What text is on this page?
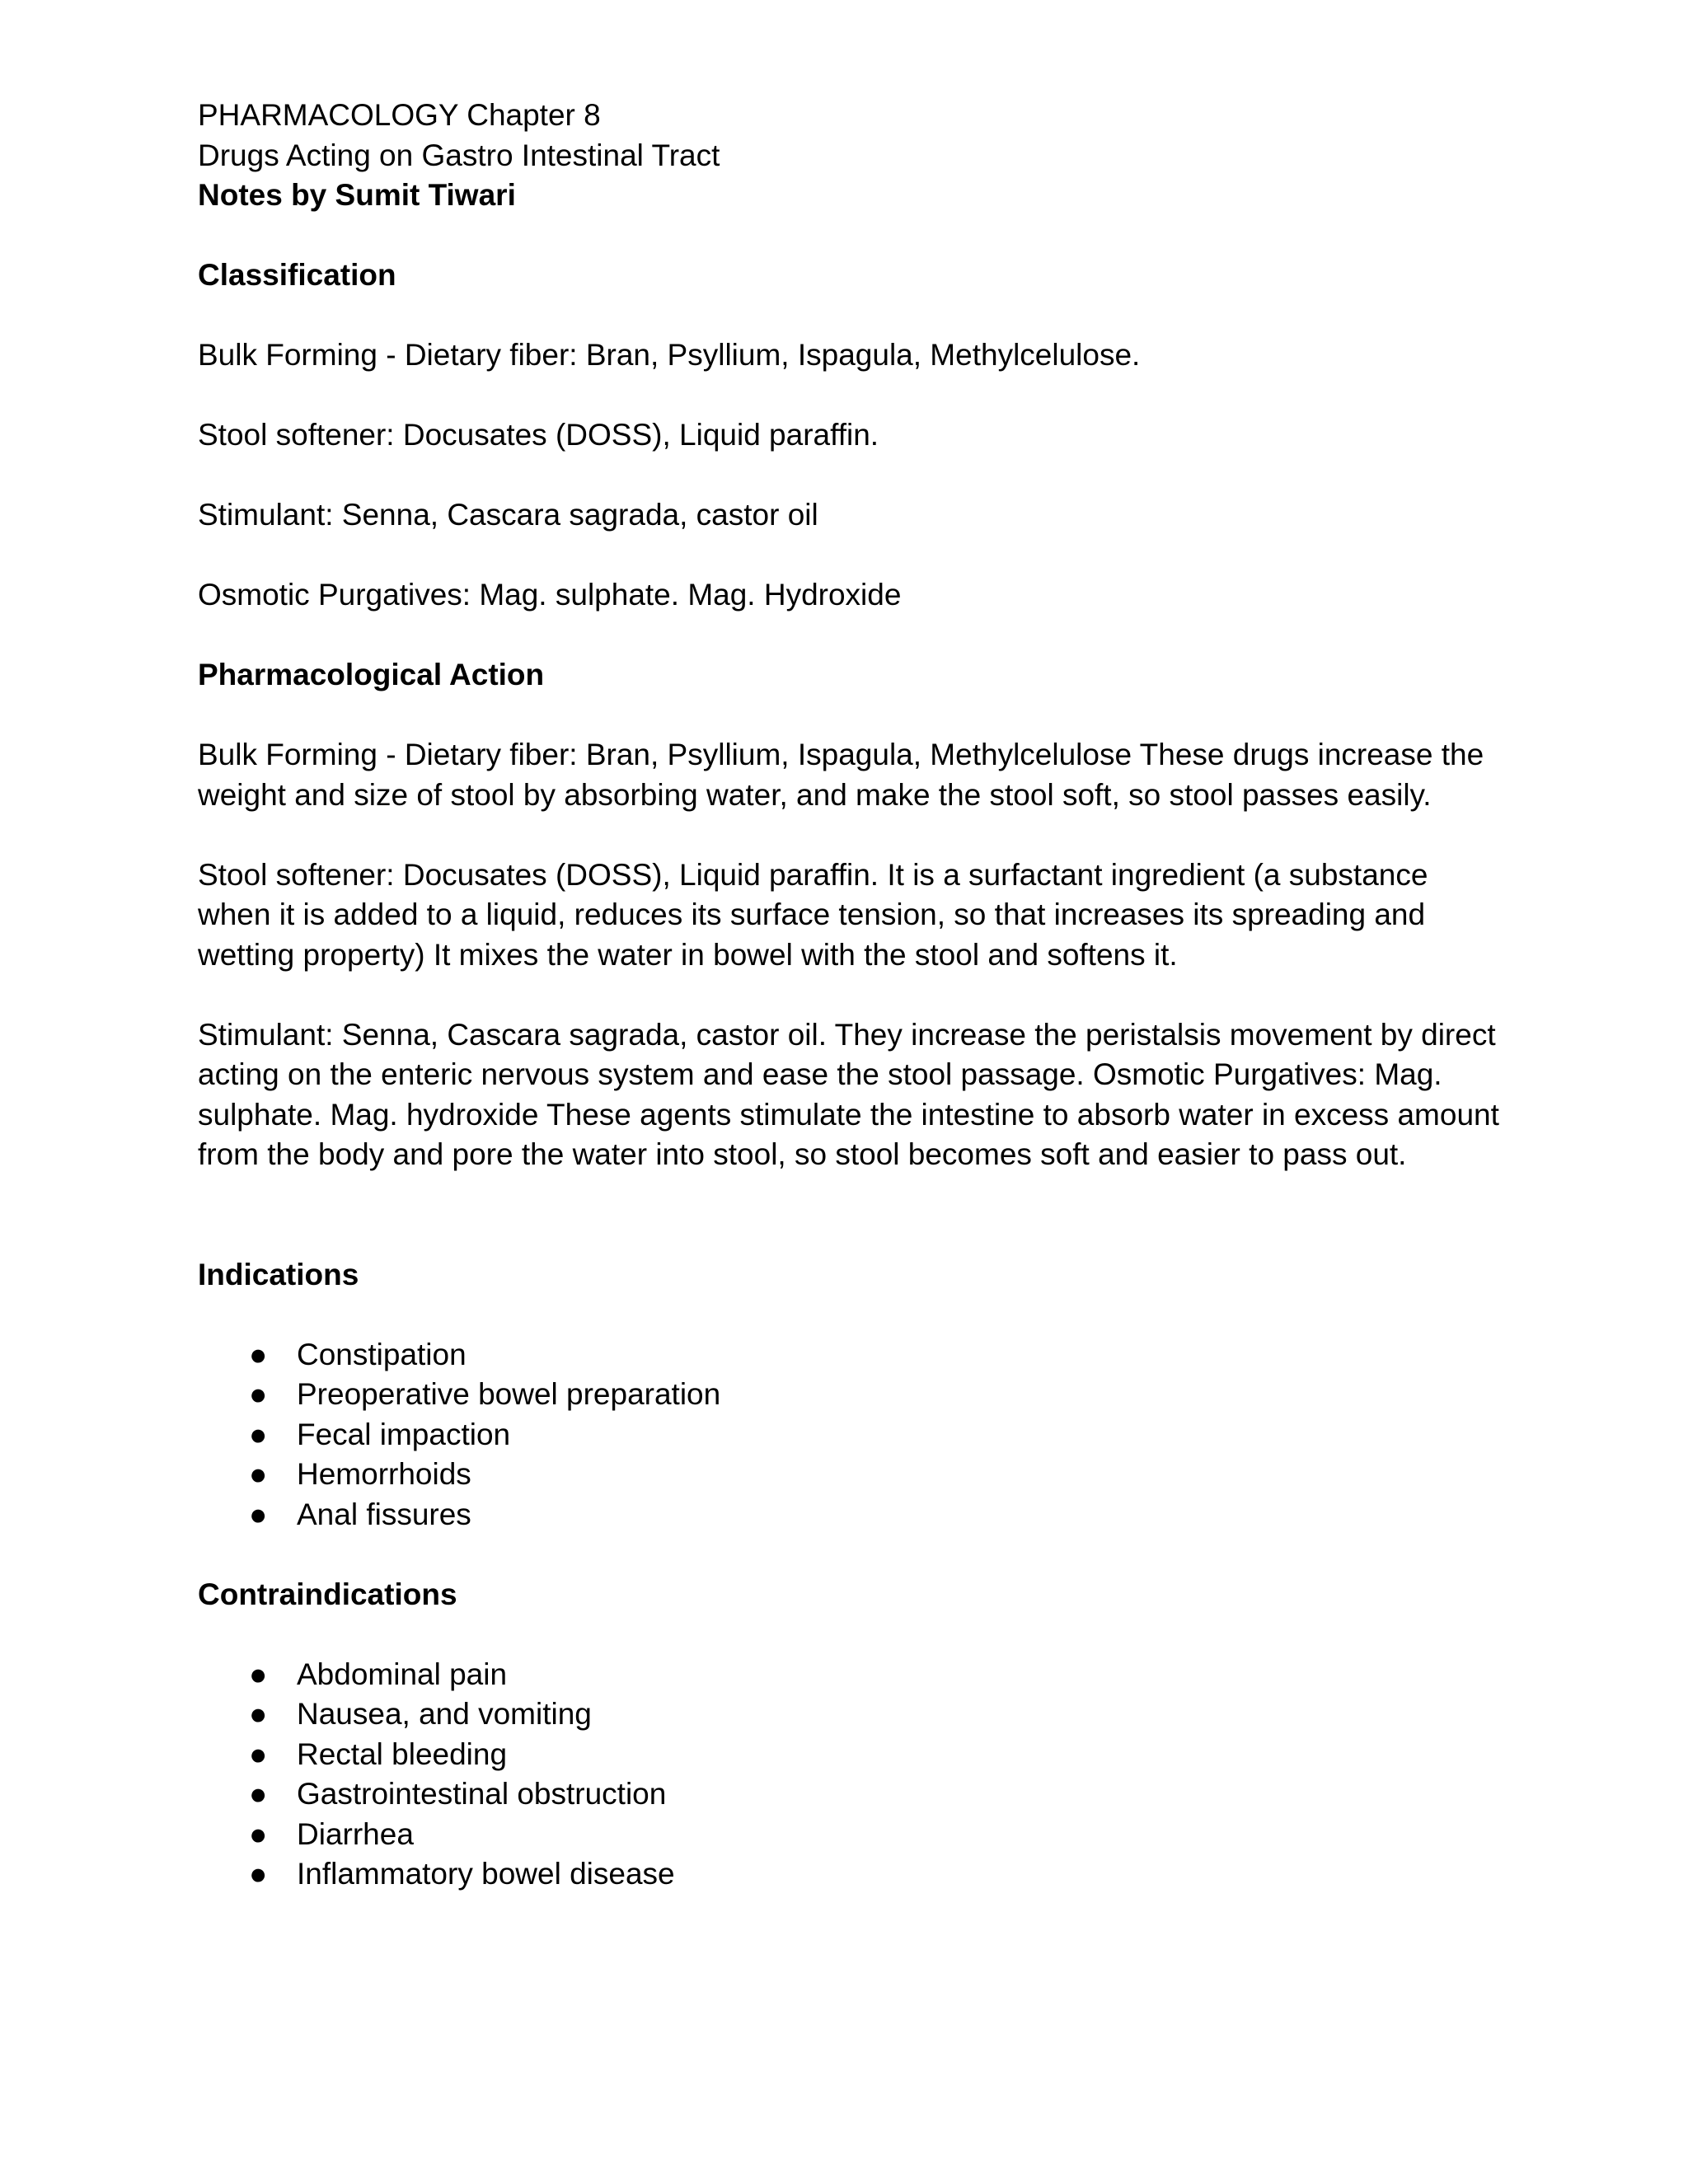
PHARMACOLOGY Chapter 8
Drugs Acting on Gastro Intestinal Tract
Notes by Sumit Tiwari
Classification

Bulk Forming - Dietary fiber: Bran, Psyllium, Ispagula, Methylcelulose.

Stool softener: Docusates (DOSS), Liquid paraffin.

Stimulant: Senna, Cascara sagrada, castor oil

Osmotic Purgatives: Mag. sulphate. Mag. Hydroxide

Pharmacological Action

Bulk Forming - Dietary fiber: Bran, Psyllium, Ispagula, Methylcelulose These drugs increase the weight and size of stool by absorbing water, and make the stool soft, so stool passes easily.

Stool softener: Docusates (DOSS), Liquid paraffin. It is a surfactant ingredient (a substance when it is added to a liquid, reduces its surface tension, so that increases its spreading and wetting property) It mixes the water in bowel with the stool and softens it.

Stimulant: Senna, Cascara sagrada, castor oil. They increase the peristalsis movement by direct acting on the enteric nervous system and ease the stool passage. Osmotic Purgatives: Mag. sulphate. Mag. hydroxide These agents stimulate the intestine to absorb water in excess amount from the body and pore the water into stool, so stool becomes soft and easier to pass out.

Indications
● Constipation
● Preoperative bowel preparation
● Fecal impaction
● Hemorrhoids
● Anal fissures
Contraindications
● Abdominal pain
● Nausea, and vomiting
● Rectal bleeding
● Gastrointestinal obstruction
● Diarrhea
● Inflammatory bowel disease
